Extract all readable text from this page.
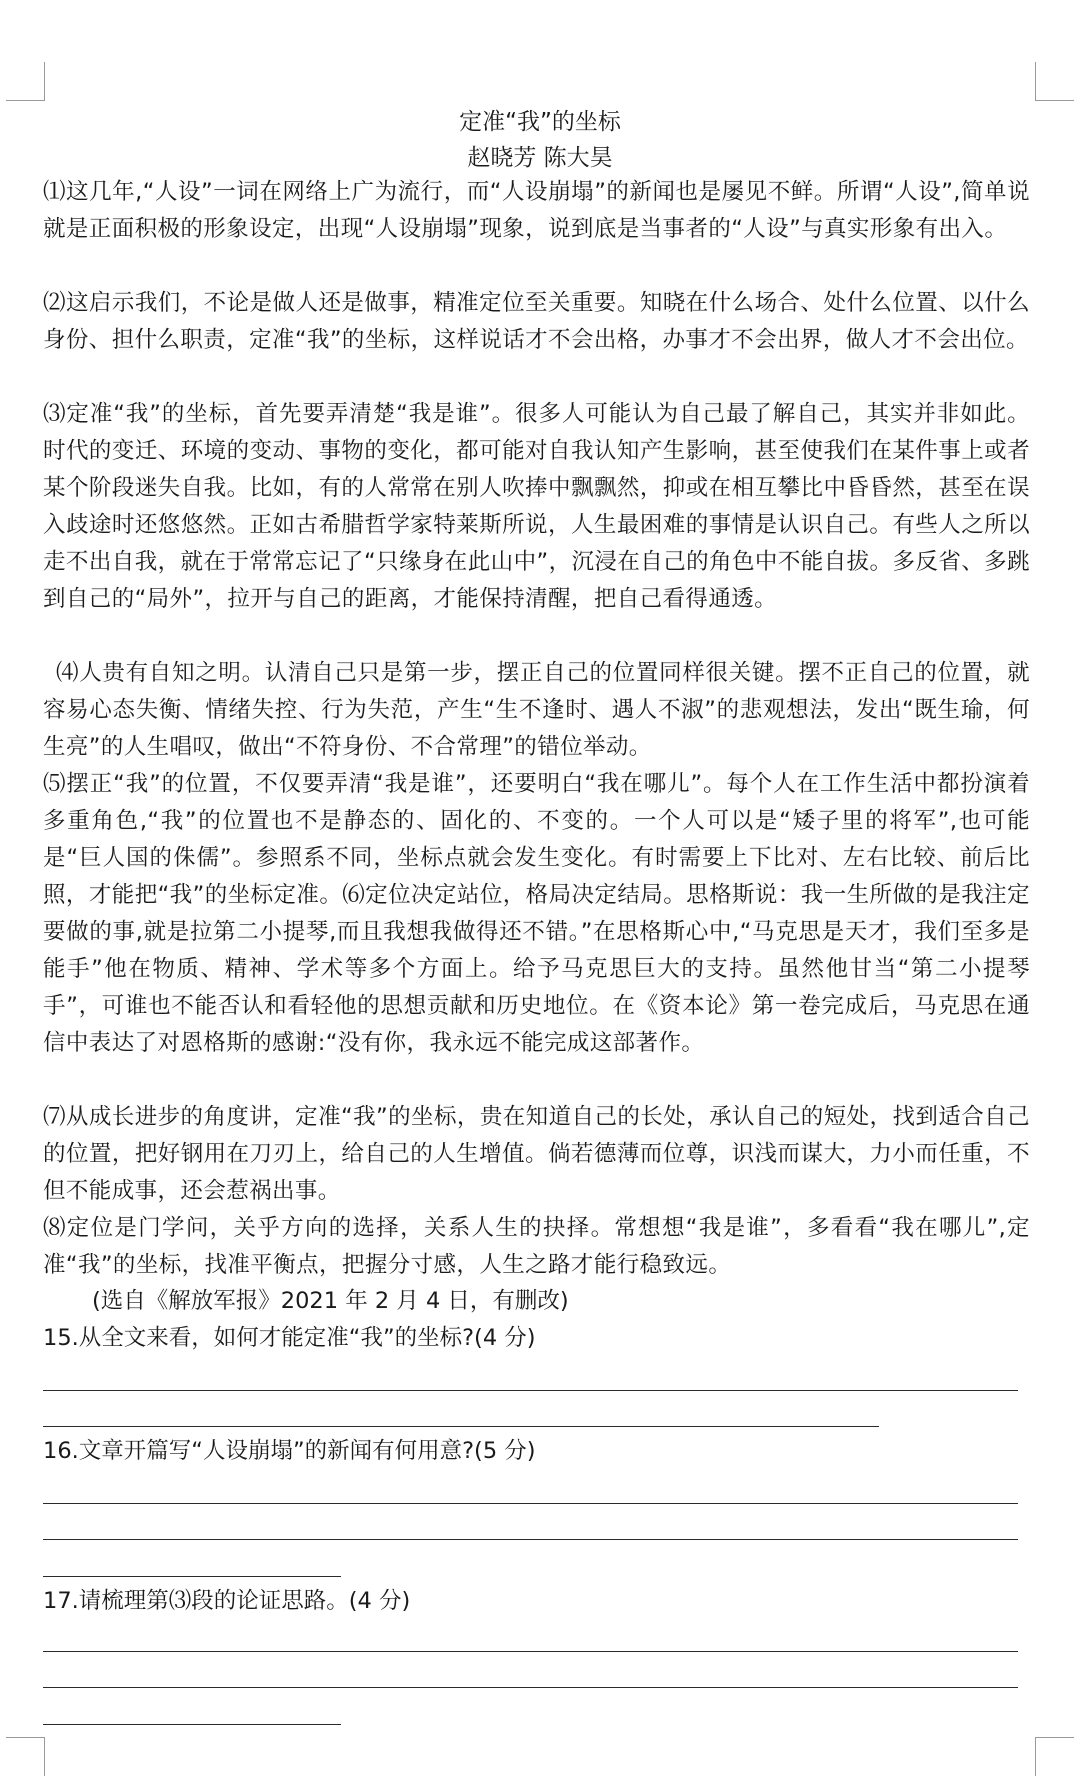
定准“我”的坐标
赵晓芳 陈大昊
⑴这几年,“人设”一词在网络上广为流行，而“人设崩塌”的新闻也是屡见不鲜。所谓“人设”,简单说就是正面积极的形象设定，出现“人设崩塌”现象，说到底是当事者的“人设”与真实形象有出入。
⑵这启示我们，不论是做人还是做事，精准定位至关重要。知晓在什么场合、处什么位置、以什么身份、担什么职责，定准“我”的坐标，这样说话才不会出格，办事才不会出界，做人才不会出位。
⑶定准“我”的坐标，首先要弄清楚“我是谁”。很多人可能认为自己最了解自己，其实并非如此。时代的变迁、环境的变动、事物的变化，都可能对自我认知产生影响，甚至使我们在某件事上或者某个阶段迷失自我。比如，有的人常常在别人吹捧中飘飘然，抑或在相互攀比中昏昏然，甚至在误入歧途时还悠悠然。正如古希腊哲学家特莱斯所说，人生最困难的事情是认识自己。有些人之所以走不出自我，就在于常常忘记了“只缘身在此山中”，沉浸在自己的角色中不能自拔。多反省、多跳到自己的“局外”，拉开与自己的距离，才能保持清醒，把自己看得通透。
⑷人贵有自知之明。认清自己只是第一步，摆正自己的位置同样很关键。摆不正自己的位置，就容易心态失衡、情绪失控、行为失范，产生“生不逢时、遇人不淑”的悲观想法，发出“既生瑜，何生亮”的人生唱叹，做出“不符身份、不合常理”的错位举动。
⑸摆正“我”的位置，不仅要弄清“我是谁”，还要明白“我在哪儿”。每个人在工作生活中都扮演着多重角色,“我”的位置也不是静态的、固化的、不变的。一个人可以是“矮子里的将军”,也可能是“巨人国的侏儒”。参照系不同，坐标点就会发生变化。有时需要上下比对、左右比较、前后比照，才能把“我”的坐标定准。⑹定位决定站位，格局决定结局。思格斯说：我一生所做的是我注定要做的事,就是拉第二小提琴,而且我想我做得还不错。”在思格斯心中,“马克思是天才，我们至多是能手”他在物质、精神、学术等多个方面上。给予马克思巨大的支持。虽然他甘当“第二小提琴手”，可谁也不能否认和看轻他的思想贡献和历史地位。在《资本论》第一卷完成后，马克思在通信中表达了对恩格斯的感谢:“没有你，我永远不能完成这部著作。
⑺从成长进步的角度讲，定准“我”的坐标，贵在知道自己的长处，承认自己的短处，找到适合自己的位置，把好钢用在刀刃上，给自己的人生增值。倘若德薄而位尊，识浅而谋大，力小而任重，不但不能成事，还会惹祸出事。
⑻定位是门学问，关乎方向的选择，关系人生的抉择。常想想“我是谁”，多看看“我在哪儿”,定准“我”的坐标，找准平衡点，把握分寸感，人生之路才能行稳致远。
(选自《解放军报》2021 年 2 月 4 日，有删改)
15.从全文来看，如何才能定准“我”的坐标?(4 分)
16.文章开篇写“人设崩塌”的新闻有何用意?(5 分)
17.请梳理第⑶段的论证思路。(4 分)
